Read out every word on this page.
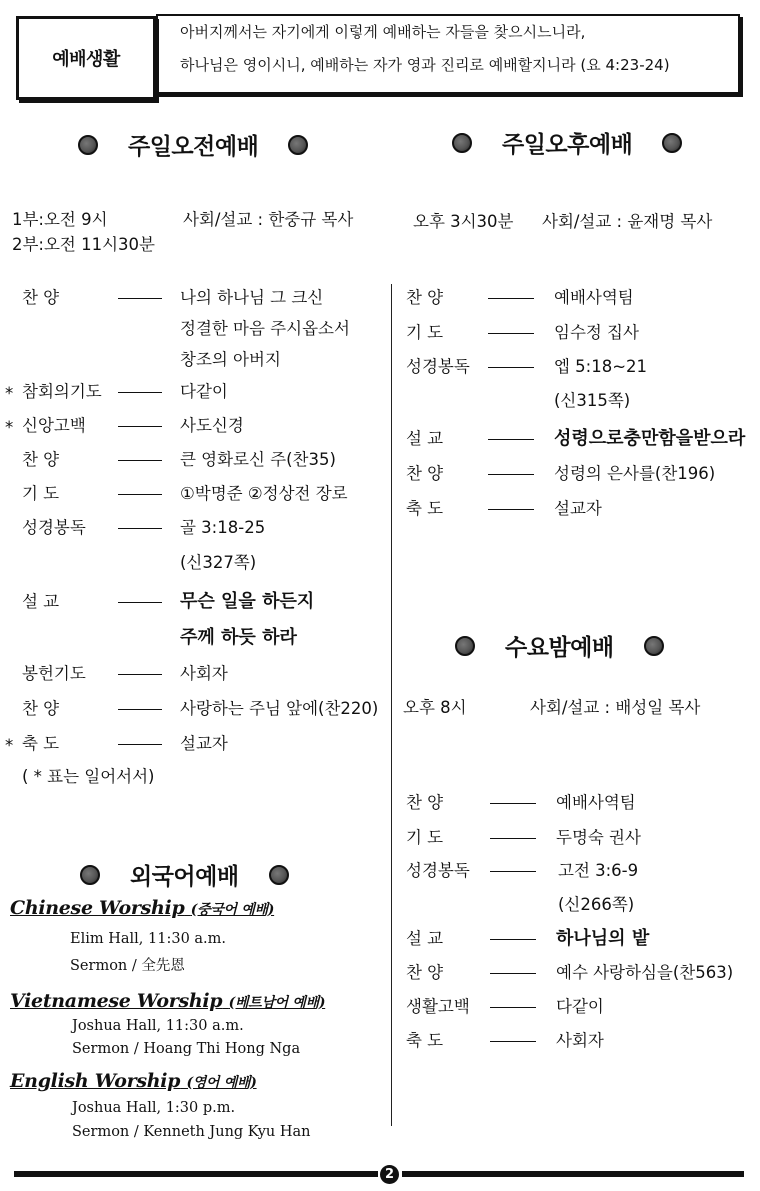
예배생활
아버지께서는 자기에게 이렇게 예배하는 자들을 찾으시느니라,
하나님은 영이시니, 예배하는 자가 영과 진리로 예배할지니라 (요 4:23-24)
주일오전예배	주일오후예배
1부:오전 9시
2부:오전 11시30분
사회/설교 : 한중규 목사	오후 3시30분 사회/설교 : 윤재명 목사
찬 양	나의 하나님 그 크신
정결한 마음 주시옵소서
창조의 아버지
* 참회의기도	다같이
* 신앙고백	사도신경
찬 양	큰 영화로신 주(찬35)
기 도	①박명준 ②정상전 장로
성경봉독	골 3:18-25
(신327쪽)
설 교	무슨 일을 하든지
주께 하듯 하라
봉헌기도	사회자
찬 양	사랑하는 주님 앞에(찬220)
* 축 도	설교자
( * 표는 일어서서)
찬 양	예배사역팀
기 도	임수정 집사
성경봉독	엡 5:18~21
(신315쪽)
설 교	성령으로충만함을받으라
찬 양	성령의 은사를(찬196)
축 도	설교자
수요밤예배
오후 8시	사회/설교 : 배성일 목사
찬 양	예배사역팀
기 도	두명숙 권사
성경봉독	고전 3:6-9
(신266쪽)
설 교	하나님의 밭
찬 양	예수 사랑하심을(찬563)
생활고백	다같이
축 도	사회자
외국어예배
Chinese Worship (중국어 예배)
Elim Hall, 11:30 a.m.
Sermon / 全先恩
Vietnamese Worship (베트남어 예배)
Joshua Hall, 11:30 a.m.
Sermon / Hoang Thi Hong Nga
English Worship (영어 예배)
Joshua Hall, 1:30 p.m.
Sermon / Kenneth Jung Kyu Han
2
